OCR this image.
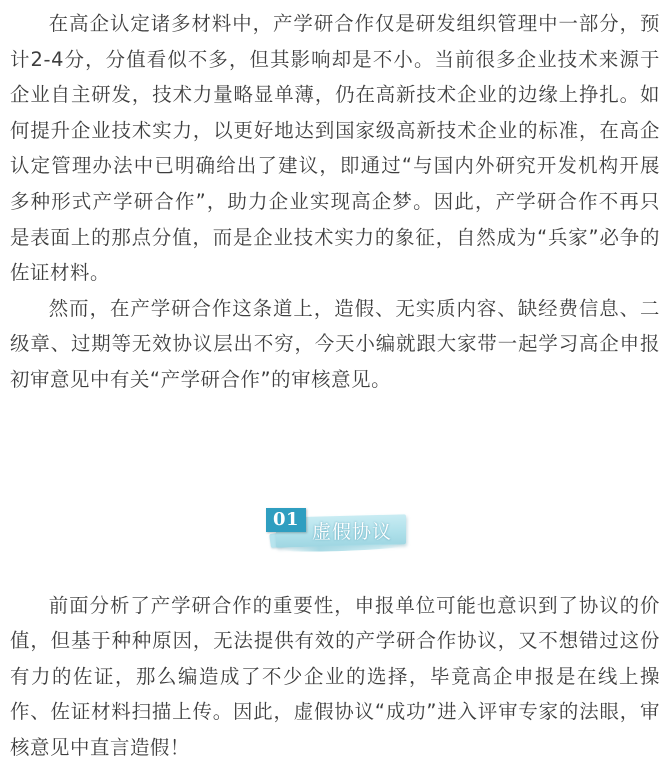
在高企认定诸多材料中，产学研合作仅是研发组织管理中一部分，预计2-4分，分值看似不多，但其影响却是不小。当前很多企业技术来源于企业自主研发，技术力量略显单薄，仍在高新技术企业的边缘上挣扎。如何提升企业技术实力，以更好地达到国家级高新技术企业的标准，在高企认定管理办法中已明确给出了建议，即通过“与国内外研究开发机构开展多种形式产学研合作”，助力企业实现高企梦。因此，产学研合作不再只是表面上的那点分值，而是企业技术实力的象征，自然成为“兵家”必争的佐证材料。

然而，在产学研合作这条道上，造假、无实质内容、缺经费信息、二级章、过期等无效协议层出不穷，今天小编就跟大家带一起学习高企申报初审意见中有关“产学研合作”的审核意见。

01
虚假协议

前面分析了产学研合作的重要性，申报单位可能也意识到了协议的价值，但基于种种原因，无法提供有效的产学研合作协议，又不想错过这份有力的佐证，那么编造成了不少企业的选择，毕竟高企申报是在线上操作、佐证材料扫描上传。因此，虚假协议“成功”进入评审专家的法眼，审核意见中直言造假！
